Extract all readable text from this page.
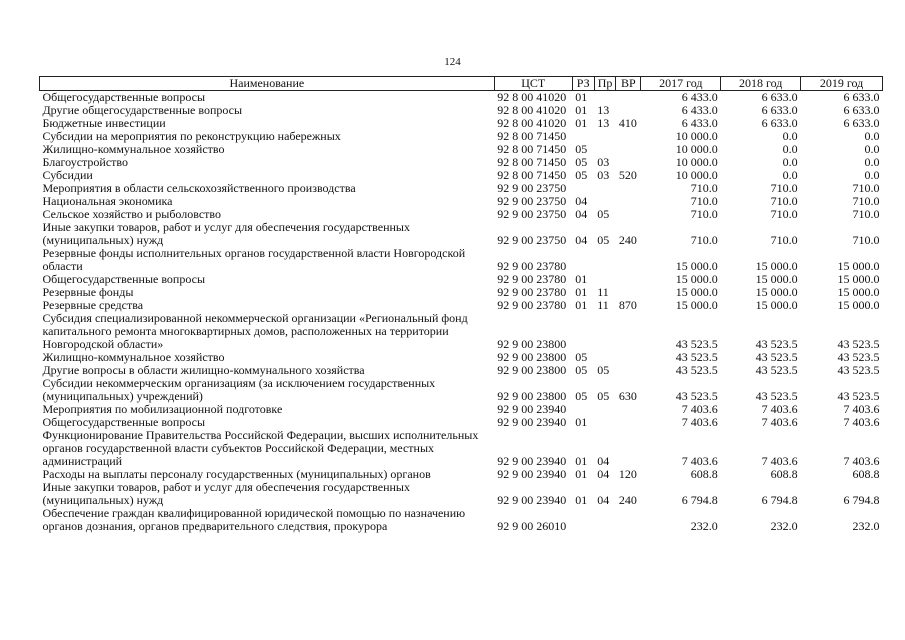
124
Наименование	ЦСТ	РЗ	Пр	ВР	2017 год	2018 год	2019 год
Общегосударственные вопросы	92 8 00 41020	01			6 433.0	6 633.0	6 633.0
Другие общегосударственные вопросы	92 8 00 41020	01	13		6 433.0	6 633.0	6 633.0
Бюджетные инвестиции	92 8 00 41020	01	13	410	6 433.0	6 633.0	6 633.0
Субсидии на мероприятия по реконструкцию набережных	92 8 00 71450				10 000.0	0.0	0.0
Жилищно-коммунальное хозяйство	92 8 00 71450	05			10 000.0	0.0	0.0
Благоустройство	92 8 00 71450	05	03		10 000.0	0.0	0.0
Субсидии	92 8 00 71450	05	03	520	10 000.0	0.0	0.0
Мероприятия в области сельскохозяйственного производства	92 9 00 23750				710.0	710.0	710.0
Национальная экономика	92 9 00 23750	04			710.0	710.0	710.0
Сельское хозяйство и рыболовство	92 9 00 23750	04	05		710.0	710.0	710.0
Иные закупки товаров, работ и услуг для обеспечения государственных (муниципальных) нужд	92 9 00 23750	04	05	240	710.0	710.0	710.0
Резервные фонды исполнительных органов государственной власти Новгородской области	92 9 00 23780				15 000.0	15 000.0	15 000.0
Общегосударственные вопросы	92 9 00 23780	01			15 000.0	15 000.0	15 000.0
Резервные фонды	92 9 00 23780	01	11		15 000.0	15 000.0	15 000.0
Резервные средства	92 9 00 23780	01	11	870	15 000.0	15 000.0	15 000.0
Субсидия специализированной некоммерческой организации «Региональный фонд капитального ремонта многоквартирных домов, расположенных на территории Новгородской области»	92 9 00 23800				43 523.5	43 523.5	43 523.5
Жилищно-коммунальное хозяйство	92 9 00 23800	05			43 523.5	43 523.5	43 523.5
Другие вопросы в области жилищно-коммунального хозяйства	92 9 00 23800	05	05		43 523.5	43 523.5	43 523.5
Субсидии некоммерческим организациям (за исключением государственных (муниципальных) учреждений)	92 9 00 23800	05	05	630	43 523.5	43 523.5	43 523.5
Мероприятия по мобилизационной подготовке	92 9 00 23940				7 403.6	7 403.6	7 403.6
Общегосударственные вопросы	92 9 00 23940	01			7 403.6	7 403.6	7 403.6
Функционирование Правительства Российской Федерации, высших исполнительных органов государственной власти субъектов Российской Федерации, местных администраций	92 9 00 23940	01	04		7 403.6	7 403.6	7 403.6
Расходы на выплаты персоналу государственных (муниципальных) органов	92 9 00 23940	01	04	120	608.8	608.8	608.8
Иные закупки товаров, работ и услуг для обеспечения государственных (муниципальных) нужд	92 9 00 23940	01	04	240	6 794.8	6 794.8	6 794.8
Обеспечение граждан квалифицированной юридической помощью по назначению органов дознания, органов предварительного следствия, прокурора	92 9 00 26010				232.0	232.0	232.0
